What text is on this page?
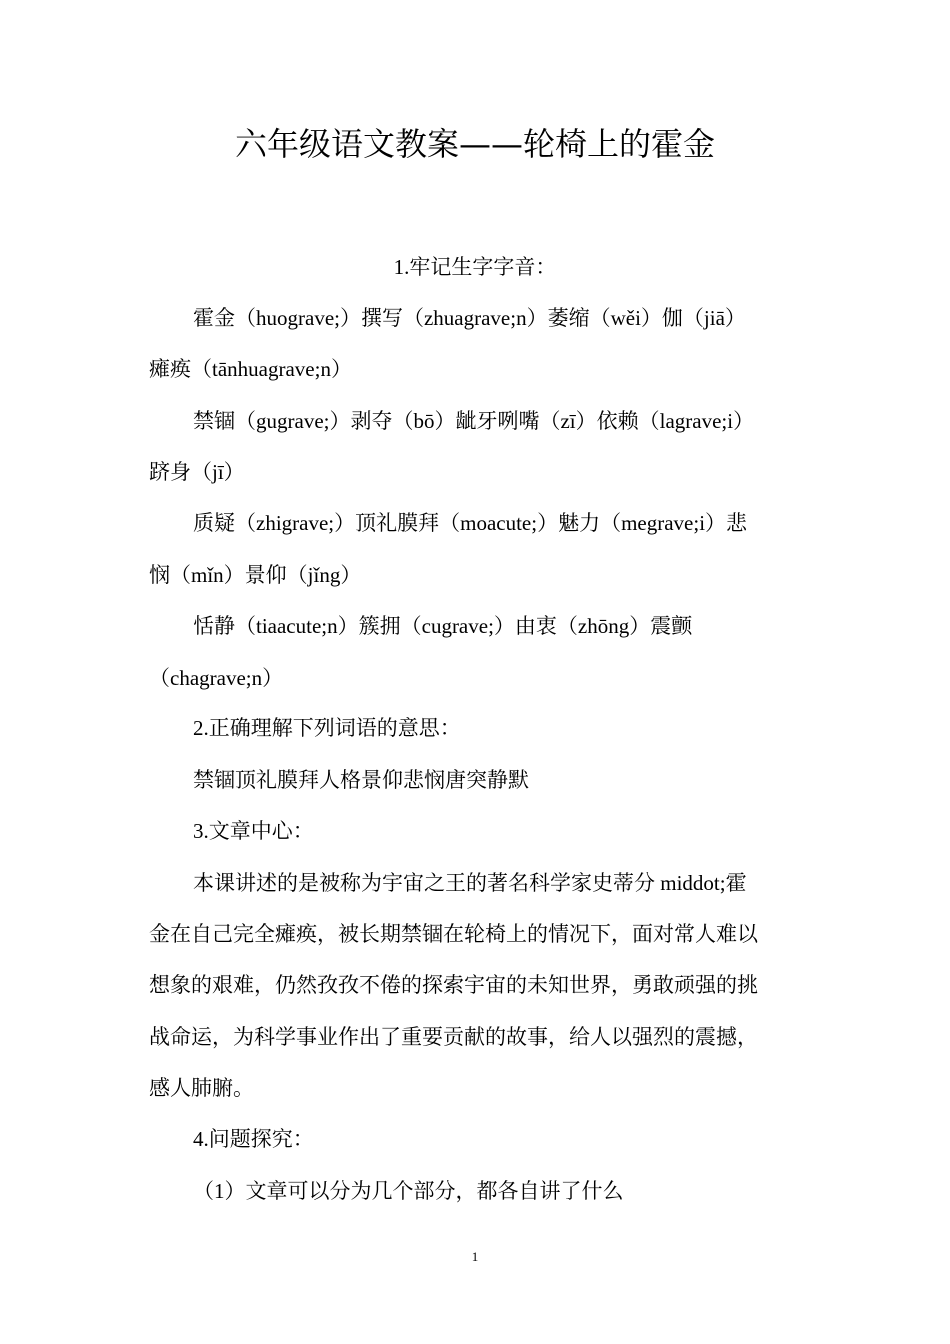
六年级语文教案——轮椅上的霍金
1.牢记生字字音：
霍金（huograve;）撰写（zhuagrave;n）萎缩（wěi）伽（jiā）
瘫痪（tānhuagrave;n）
禁锢（gugrave;）剥夺（bō）龇牙咧嘴（zī）依赖（lagrave;i）
跻身（jī）
质疑（zhigrave;）顶礼膜拜（moacute;）魅力（megrave;i）悲
悯（mǐn）景仰（jǐng）
恬静（tiaacute;n）簇拥（cugrave;）由衷（zhōng）震颤
（chagrave;n）
2.正确理解下列词语的意思：
禁锢顶礼膜拜人格景仰悲悯唐突静默
3.文章中心：
本课讲述的是被称为宇宙之王的著名科学家史蒂分 middot;霍
金在自己完全瘫痪，被长期禁锢在轮椅上的情况下，面对常人难以
想象的艰难，仍然孜孜不倦的探索宇宙的未知世界，勇敢顽强的挑
战命运，为科学事业作出了重要贡献的故事，给人以强烈的震撼，
感人肺腑。
4.问题探究：
（1）文章可以分为几个部分，都各自讲了什么
1
